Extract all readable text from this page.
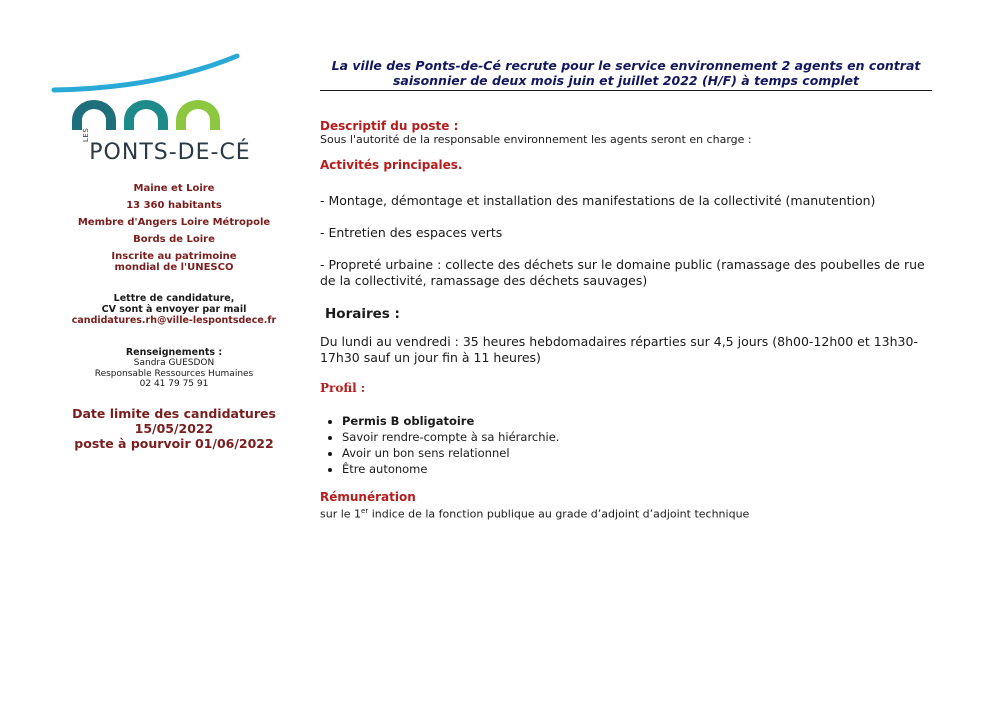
LES
PONTS-DE-CÉ
Maine et Loire
13 360 habitants
Membre d'Angers Loire Métropole
Bords de Loire
Inscrite au patrimoine
mondial de l'UNESCO
Lettre de candidature,
CV sont à envoyer par mail
candidatures.rh@ville-lespontsdece.fr
Renseignements :
Sandra GUESDON
Responsable Ressources Humaines
02 41 79 75 91
Date limite des candidatures
15/05/2022
poste à pourvoir 01/06/2022
La ville des Ponts-de-Cé recrute pour le service environnement 2 agents en contrat
saisonnier de deux mois juin et juillet 2022 (H/F) à temps complet
Descriptif du poste :
Sous l'autorité de la responsable environnement les agents seront en charge :
Activités principales.
- Montage, démontage et installation des manifestations de la collectivité (manutention)
- Entretien des espaces verts
- Propreté urbaine : collecte des déchets sur le domaine public (ramassage des poubelles de rue de la collectivité, ramassage des déchets sauvages)
Horaires :
Du lundi au vendredi : 35 heures hebdomadaires réparties sur 4,5 jours (8h00-12h00 et 13h30-17h30 sauf un jour fin à 11 heures)
Profil :
• Permis B obligatoire
• Savoir rendre-compte à sa hiérarchie.
• Avoir un bon sens relationnel
• Être autonome
Rémunération
sur le 1er indice de la fonction publique au grade d’adjoint d’adjoint technique
